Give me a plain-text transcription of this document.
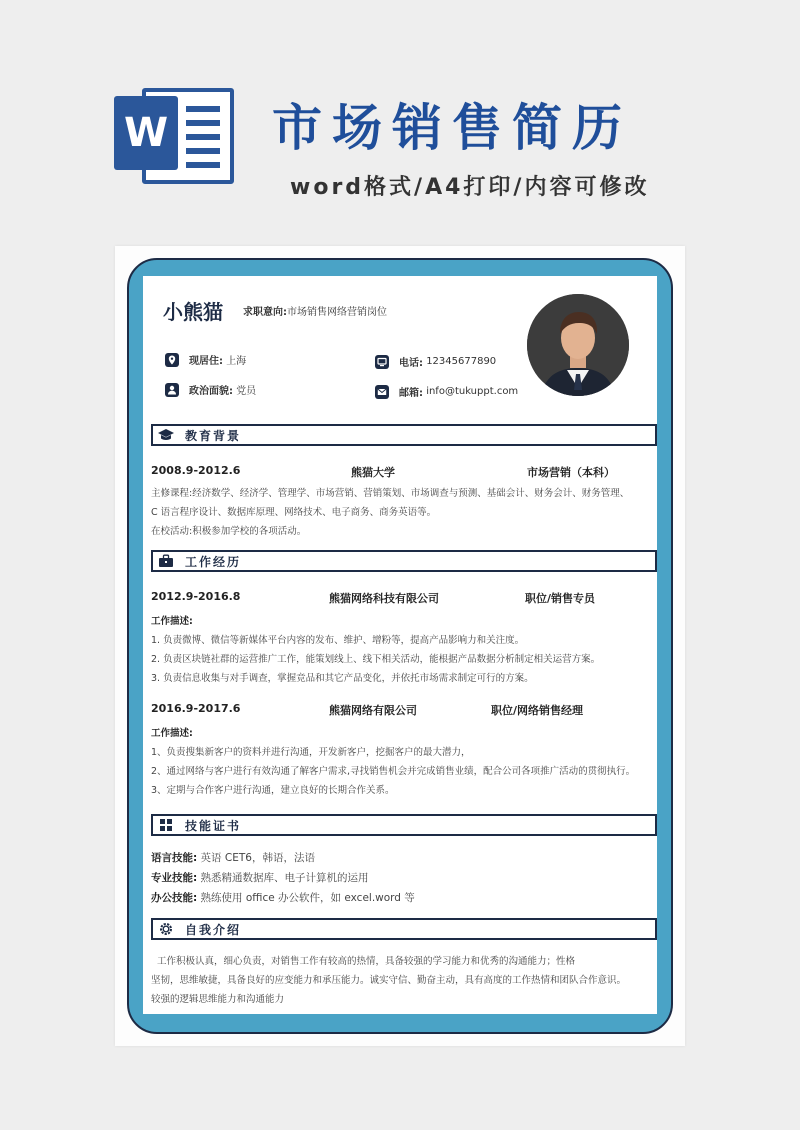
W 市场销售简历
word格式/A4打印/内容可修改
小熊猫 求职意向:市场销售网络营销岗位
现居住:
上海
政治面貌:
党员
电话:
12345677890
邮箱:
info@tukuppt.com
教育背景
2008.9-2012.6	熊猫大学	市场营销（本科）
主修课程:经济数学、经济学、管理学、市场营销、营销策划、市场调查与预测、基础会计、财务会计、财务管理、
C 语言程序设计、数据库原理、网络技术、电子商务、商务英语等。
在校活动:积极参加学校的各项活动。
工作经历
2012.9-2016.8	熊猫网络科技有限公司	职位/销售专员
工作描述:
1. 负责微博、微信等新媒体平台内容的发布、维护、增粉等，提高产品影响力和关注度。
2. 负责区块链社群的运营推广工作，能策划线上、线下相关活动，能根据产品数据分析制定相关运营方案。
3. 负责信息收集与对手调查，掌握竞品和其它产品变化，并依托市场需求制定可行的方案。
2016.9-2017.6	熊猫网络有限公司	职位/网络销售经理
工作描述:
1、负责搜集新客户的资料并进行沟通，开发新客户，挖掘客户的最大潜力，
2、通过网络与客户进行有效沟通了解客户需求,寻找销售机会并完成销售业绩，配合公司各项推广活动的贯彻执行。
3、定期与合作客户进行沟通，建立良好的长期合作关系。
技能证书
语言技能: 英语 CET6，韩语，法语
专业技能: 熟悉精通数据库、电子计算机的运用
办公技能: 熟练使用 office 办公软件，如 excel.word 等
自我介绍
工作积极认真，细心负责，对销售工作有较高的热情，具备较强的学习能力和优秀的沟通能力；性格
坚韧，思维敏捷，具备良好的应变能力和承压能力。诚实守信、勤奋主动，具有高度的工作热情和团队合作意识。
较强的逻辑思维能力和沟通能力
